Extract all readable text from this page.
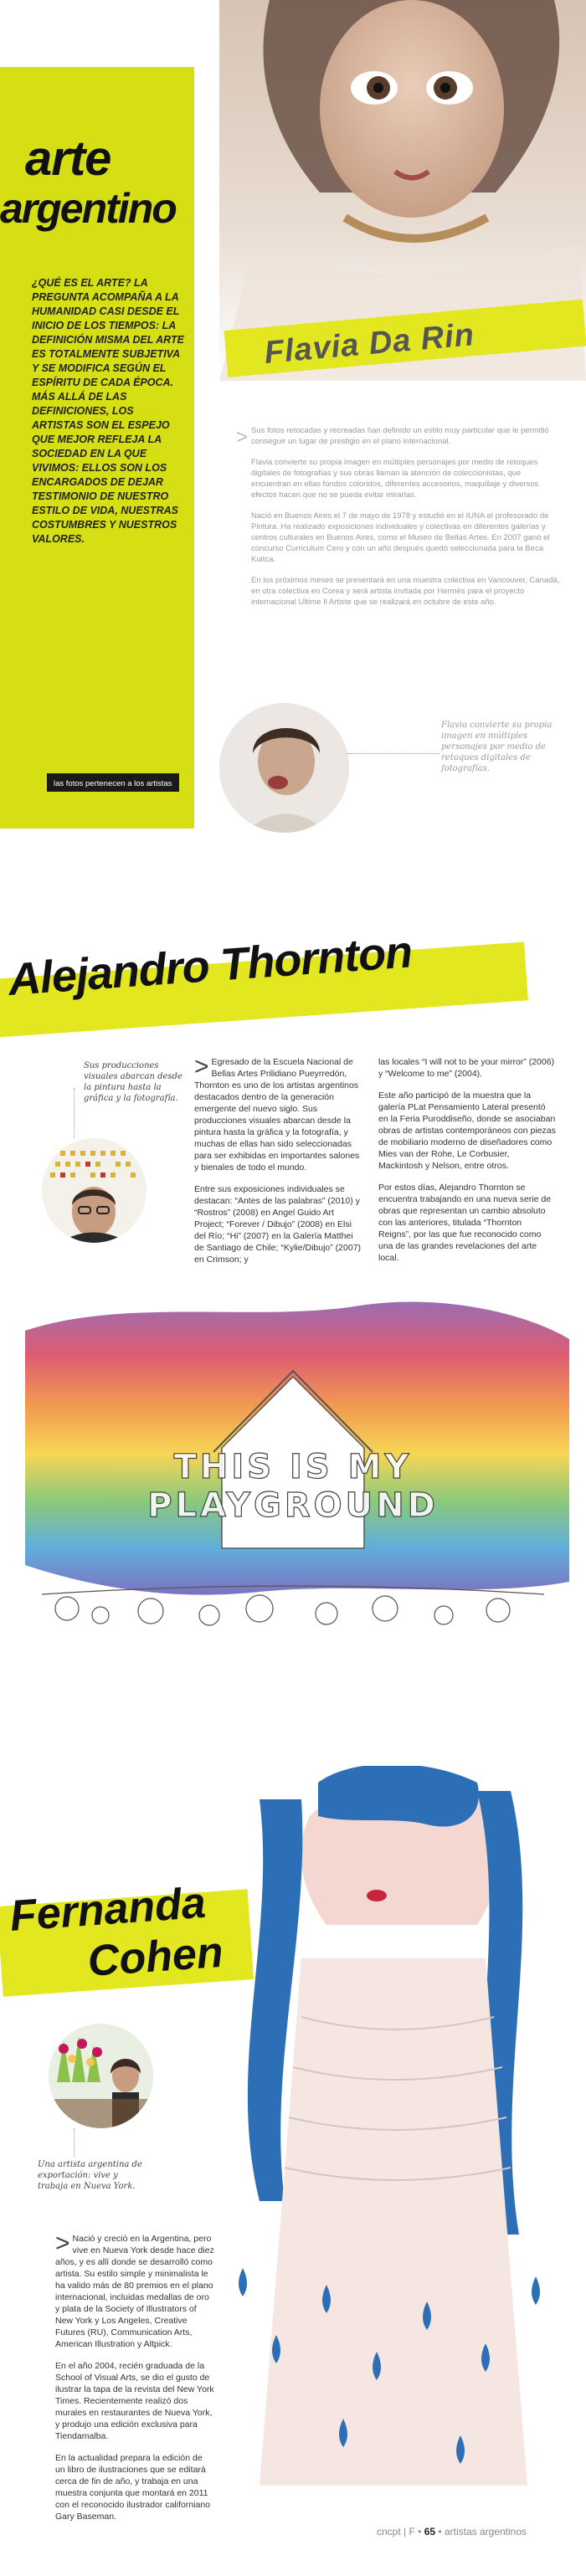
arte
argentino
¿QUÉ ES EL ARTE? LA PREGUNTA ACOMPAÑA A LA HUMANIDAD CASI DESDE EL INICIO DE LOS TIEMPOS: LA DEFINICIÓN MISMA DEL ARTE ES TOTALMENTE SUBJETIVA Y SE MODIFICA SEGÚN EL ESPÍRITU DE CADA ÉPOCA. MÁS ALLÁ DE LAS DEFINICIONES, LOS ARTISTAS SON EL ESPEJO QUE MEJOR REFLEJA LA SOCIEDAD EN LA QUE VIVIMOS: ELLOS SON LOS ENCARGADOS DE DEJAR TESTIMONIO DE NUESTRO ESTILO DE VIDA, NUESTRAS COSTUMBRES Y NUESTROS VALORES.
las fotos pertenecen a los artistas
Flavia Da Rin
> Sus fotos retocadas y recreadas han definido un estilo muy particular que le permitió conseguir un lugar de prestigio en el plano internacional.

Flavia convierte su propia imagen en múltiples personajes por medio de retoques digitales de fotografías y sus obras llaman la atención de coleccionistas, que encuentran en ellas fondos coloridos, diferentes accesorios, maquillaje y diversos efectos hacen que no se pueda evitar mirarlas.

Nació en Buenos Aires el 7 de mayo de 1978 y estudió en el IUNA el profesorado de Pintura. Ha realizado exposiciones individuales y colectivas en diferentes galerías y centros culturales en Buenos Aires, como el Museo de Bellas Artes. En 2007 ganó el concurso Curriculum Cero y con un año después quedó seleccionada para la Beca Kuitca.

En los próximos meses se presentará en una muestra colectiva en Vancouver, Canadá, en otra colectiva en Corea y será artista invitada por Hermès para el proyecto internacional Ultime Il Artiste que se realizará en octubre de este año.

Flavia convierte su propia imagen en múltiples personajes por medio de retoques digitales de fotografías.
Alejandro Thornton
Sus producciones visuales abarcan desde la pintura hasta la gráfica y la fotografía.

> Egresado de la Escuela Nacional de Bellas Artes Prilidiano Pueyrredón, Thornton es uno de los artistas argentinos destacados dentro de la generación emergente del nuevo siglo. Sus producciones visuales abarcan desde la pintura hasta la gráfica y la fotografía, y muchas de ellas han sido seleccionadas para ser exhibidas en importantes salones y bienales de todo el mundo.

Entre sus exposiciones individuales se destacan: “Antes de las palabras” (2010) y “Rostros” (2008) en Angel Guido Art Project; “Forever / Dibujo” (2008) en Elsi del Río; “Hi” (2007) en la Galería Matthei de Santiago de Chile; “Kylie/Dibujo” (2007) en Crimson; y

las locales “I will not to be your mirror” (2006) y “Welcome to me” (2004).

Este año participó de la muestra que la galería PLat Pensamiento Lateral presentó en la Feria Puroddiseño, donde se asociaban obras de artistas contemporáneos con piezas de mobiliario moderno de diseñadores como Mies van der Rohe, Le Corbusier, Mackintosh y Nelson, entre otros.

Por estos días, Alejandro Thornton se encuentra trabajando en una nueva serie de obras que representan un cambio absoluto con las anteriores, titulada “Thornton Reigns”, por las que fue reconocido como una de las grandes revelaciones del arte local.

THIS IS MY PLAYGROUND
Fernanda
Cohen
Una artista argentina de exportación: vive y trabaja en Nueva York.

> Nació y creció en la Argentina, pero vive en Nueva York desde hace diez años, y es allí donde se desarrolló como artista. Su estilo simple y minimalista le ha valido más de 80 premios en el plano internacional, incluidas medallas de oro y plata de la Society of Illustrators of New York y Los Angeles, Creative Futures (RU), Communication Arts, American Illustration y Altpick.

En el año 2004, recién graduada de la School of Visual Arts, se dio el gusto de ilustrar la tapa de la revista del New York Times. Recientemente realizó dos murales en restaurantes de Nueva York, y produjo una edición exclusiva para Tiendamalba.

En la actualidad prepara la edición de un libro de ilustraciones que se editará cerca de fin de año, y trabaja en una muestra conjunta que montará en 2011 con el reconocido ilustrador californiano Gary Baseman.

cncpt | F • 65 • artistas argentinos
